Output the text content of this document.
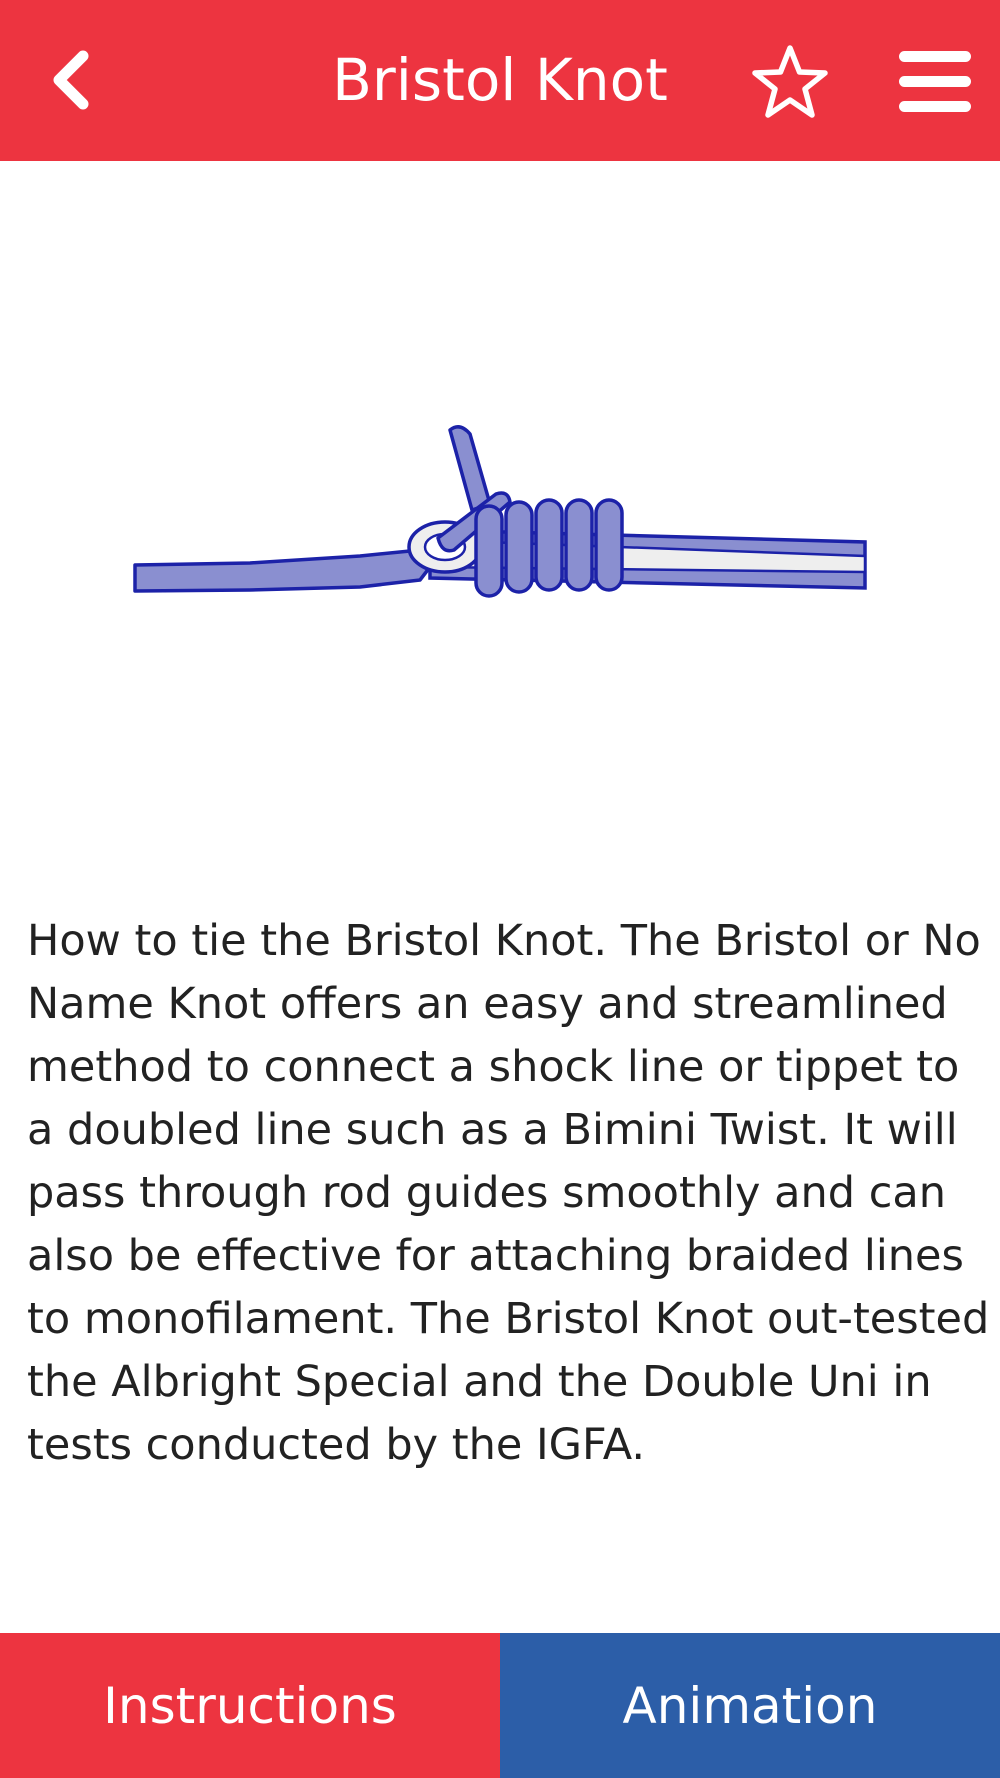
Bristol Knot

How to tie the Bristol Knot. The Bristol or No Name Knot offers an easy and streamlined method to connect a shock line or tippet to a doubled line such as a Bimini Twist. It will pass through rod guides smoothly and can also be effective for attaching braided lines to monofilament. The Bristol Knot out-tested the Albright Special and the Double Uni in tests conducted by the IGFA.

Instructions	Animation
